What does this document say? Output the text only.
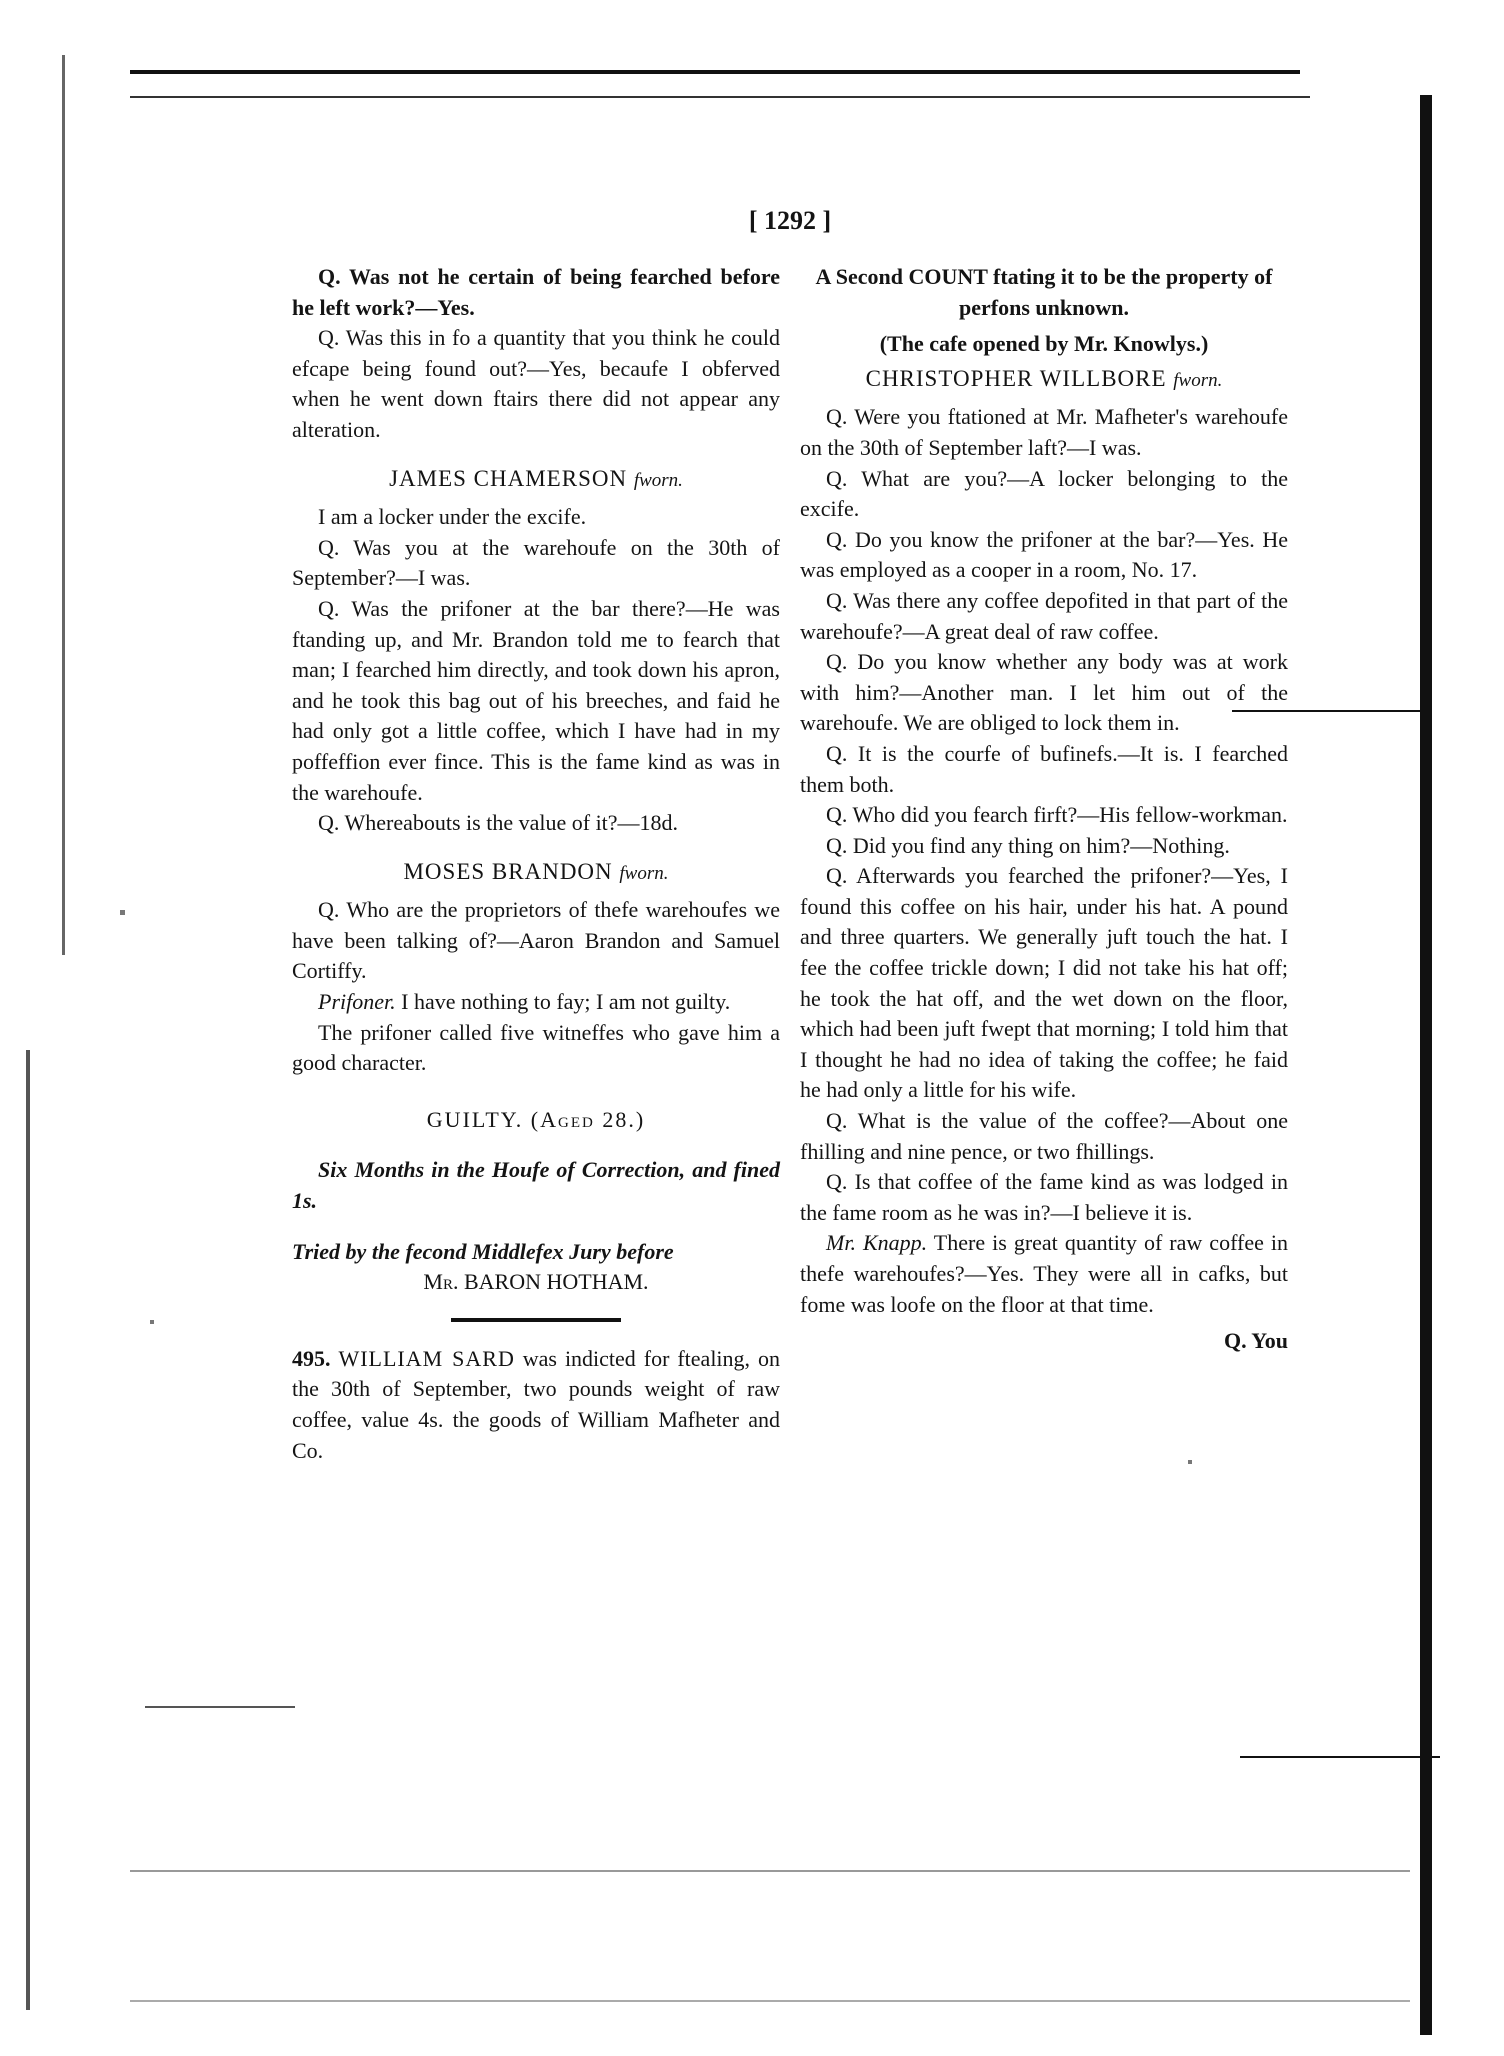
[ 1292 ]

Q. Was not he certain of being fearched before he left work?—Yes.

Q. Was this in fo a quantity that you think he could efcape being found out?—Yes, becaufe I obferved when he went down ftairs there did not appear any alteration.

JAMES CHAMERSON fworn.

I am a locker under the excife.

Q. Was you at the warehoufe on the 30th of September?—I was.

Q. Was the prifoner at the bar there?—He was ftanding up, and Mr. Brandon told me to fearch that man; I fearched him directly, and took down his apron, and he took this bag out of his breeches, and faid he had only got a little coffee, which I have had in my poffeffion ever fince. This is the fame kind as was in the warehoufe.

Q. Whereabouts is the value of it?—18d.

MOSES BRANDON fworn.

Q. Who are the proprietors of thefe warehoufes we have been talking of?—Aaron Brandon and Samuel Cortiffy.

Prifoner. I have nothing to fay; I am not guilty.

The prifoner called five witneffes who gave him a good character.

GUILTY. (Aged 28.)

Six Months in the Houfe of Correction, and fined 1s.

Tried by the fecond Middlefex Jury before

Mr. BARON HOTHAM.

495. WILLIAM SARD was indicted for ftealing, on the 30th of September, two pounds weight of raw coffee, value 4s. the goods of William Mafheter and Co.

A Second COUNT ftating it to be the property of perfons unknown.

(The cafe opened by Mr. Knowlys.)

CHRISTOPHER WILLBORE fworn.

Q. Were you ftationed at Mr. Mafheter's warehoufe on the 30th of September laft?—I was.

Q. What are you?—A locker belonging to the excife.

Q. Do you know the prifoner at the bar?—Yes. He was employed as a cooper in a room, No. 17.

Q. Was there any coffee depofited in that part of the warehoufe?—A great deal of raw coffee.

Q. Do you know whether any body was at work with him?—Another man. I let him out of the warehoufe. We are obliged to lock them in.

Q. It is the courfe of bufinefs.—It is. I fearched them both.

Q. Who did you fearch firft?—His fellow-workman.

Q. Did you find any thing on him?—Nothing.

Q. Afterwards you fearched the prifoner?—Yes, I found this coffee on his hair, under his hat. A pound and three quarters. We generally juft touch the hat. I fee the coffee trickle down; I did not take his hat off; he took the hat off, and the wet down on the floor, which had been juft fwept that morning; I told him that I thought he had no idea of taking the coffee; he faid he had only a little for his wife.

Q. What is the value of the coffee?—About one fhilling and nine pence, or two fhillings.

Q. Is that coffee of the fame kind as was lodged in the fame room as he was in?—I believe it is.

Mr. Knapp. There is great quantity of raw coffee in thefe warehoufes?—Yes. They were all in cafks, but fome was loofe on the floor at that time.

Q. You
